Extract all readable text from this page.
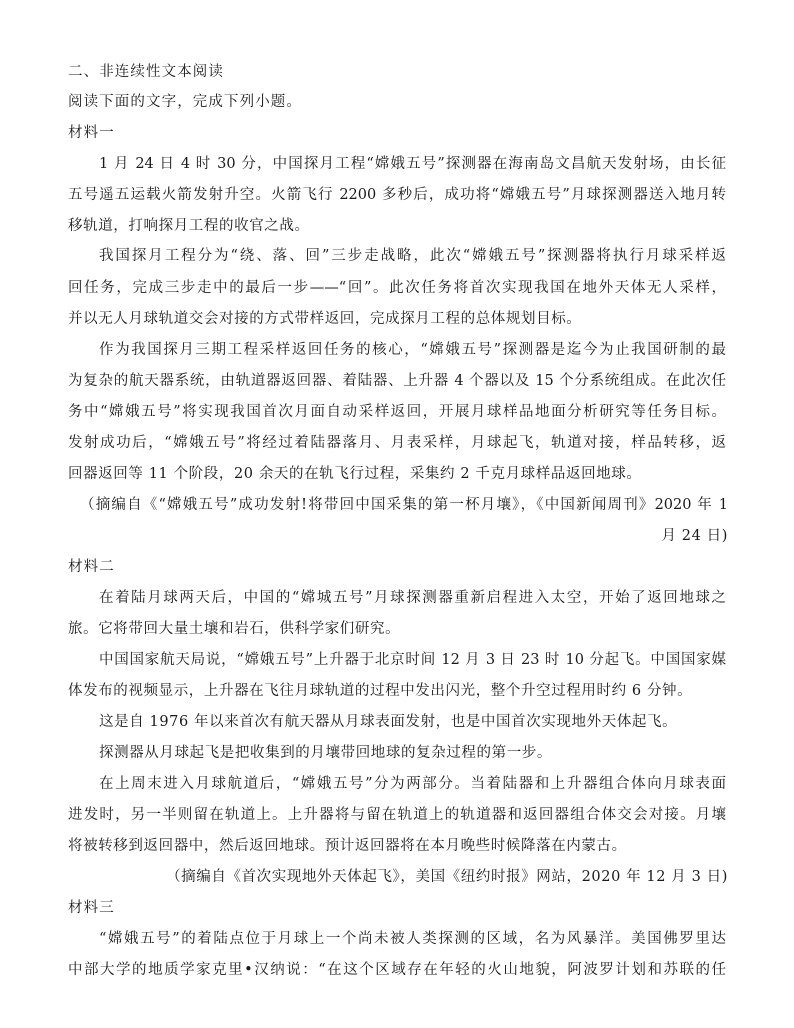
二、非连续性文本阅读
阅读下面的文字，完成下列小题。
材料一
1 月 24 日 4 时 30 分，中国探月工程“嫦娥五号”探测器在海南岛文昌航天发射场，由长征
五号遥五运载火箭发射升空。火箭飞行 2200 多秒后，成功将“嫦娥五号”月球探测器送入地月转
移轨道，打响探月工程的收官之战。
我国探月工程分为“绕、落、回”三步走战略，此次“嫦娥五号”探测器将执行月球采样返
回任务，完成三步走中的最后一步——“回”。此次任务将首次实现我国在地外天体无人采样，
并以无人月球轨道交会对接的方式带样返回，完成探月工程的总体规划目标。
作为我国探月三期工程采样返回任务的核心，“嫦娥五号”探测器是迄今为止我国研制的最
为复杂的航天器系统，由轨道器返回器、着陆器、上升器 4 个器以及 15 个分系统组成。在此次任
务中“嫦娥五号”将实现我国首次月面自动采样返回，开展月球样品地面分析研究等任务目标。
发射成功后，“嫦娥五号”将经过着陆器落月、月表采样，月球起飞，轨道对接，样品转移，返
回器返回等 11 个阶段，20 余天的在轨飞行过程，采集约 2 千克月球样品返回地球。
（摘编自《“嫦娥五号”成功发射!将带回中国采集的第一杯月壤》，《中国新闻周刊》2020 年 1
月 24 日)
材料二
在着陆月球两天后，中国的“嫦城五号”月球探测器重新启程进入太空，开始了返回地球之
旅。它将带回大量土壤和岩石，供科学家们研究。
中国国家航天局说，“嫦娥五号”上升器于北京时间 12 月 3 日 23 时 10 分起飞。中国国家媒
体发布的视频显示，上升器在飞往月球轨道的过程中发出闪光，整个升空过程用时约 6 分钟。
这是自 1976 年以来首次有航天器从月球表面发射，也是中国首次实现地外天体起飞。
探测器从月球起飞是把收集到的月壤带回地球的复杂过程的第一步。
在上周末进入月球航道后，“嫦娥五号”分为两部分。当着陆器和上升器组合体向月球表面
进发时，另一半则留在轨道上。上升器将与留在轨道上的轨道器和返回器组合体交会对接。月壤
将被转移到返回器中，然后返回地球。预计返回器将在本月晚些时候降落在内蒙古。
（摘编自《首次实现地外天体起飞》，美国《纽约时报》网站，2020 年 12 月 3 日)
材料三
“嫦娥五号”的着陆点位于月球上一个尚未被人类探测的区域，名为风暴洋。美国佛罗里达
中部大学的地质学家克里•汉纳说：“在这个区域存在年轻的火山地貌，阿波罗计划和苏联的任
